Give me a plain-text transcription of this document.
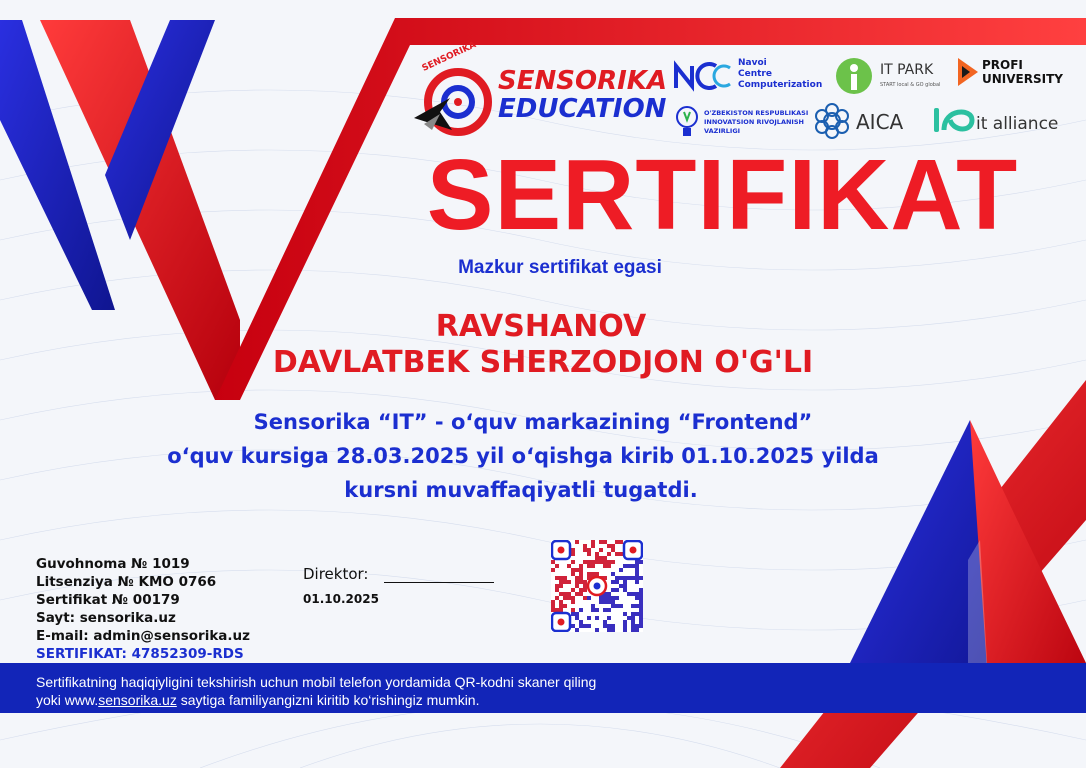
SENSORIKA
SENSORIKA
EDUCATION
Navoi
Centre
Computerization
O'ZBEKISTON RESPUBLIKASI
INNOVATSION RIVOJLANISH
VAZIRLIGI
IT PARK
START local & GO global
PROFI
UNIVERSITY
AICA	it alliance
SERTIFIKAT
Mazkur sertifikat egasi
RAVSHANOV
DAVLATBEK SHERZODJON O'G'LI
Sensorika “IT” - o‘quv markazining “Frontend”
o‘quv kursiga 28.03.2025 yil o‘qishga kirib 01.10.2025 yilda
kursni muvaffaqiyatli tugatdi.
Guvohnoma № 1019
Litsenziya № KMO 0766
Sertifikat № 00179
Sayt: sensorika.uz
E-mail: admin@sensorika.uz
SERTIFIKAT: 47852309-RDS
Direktor:
01.10.2025
Sertifikatning haqiqiyligini tekshirish uchun mobil telefon yordamida QR-kodni skaner qiling
yoki www.sensorika.uz saytiga familiyangizni kiritib ko‘rishingiz mumkin.
